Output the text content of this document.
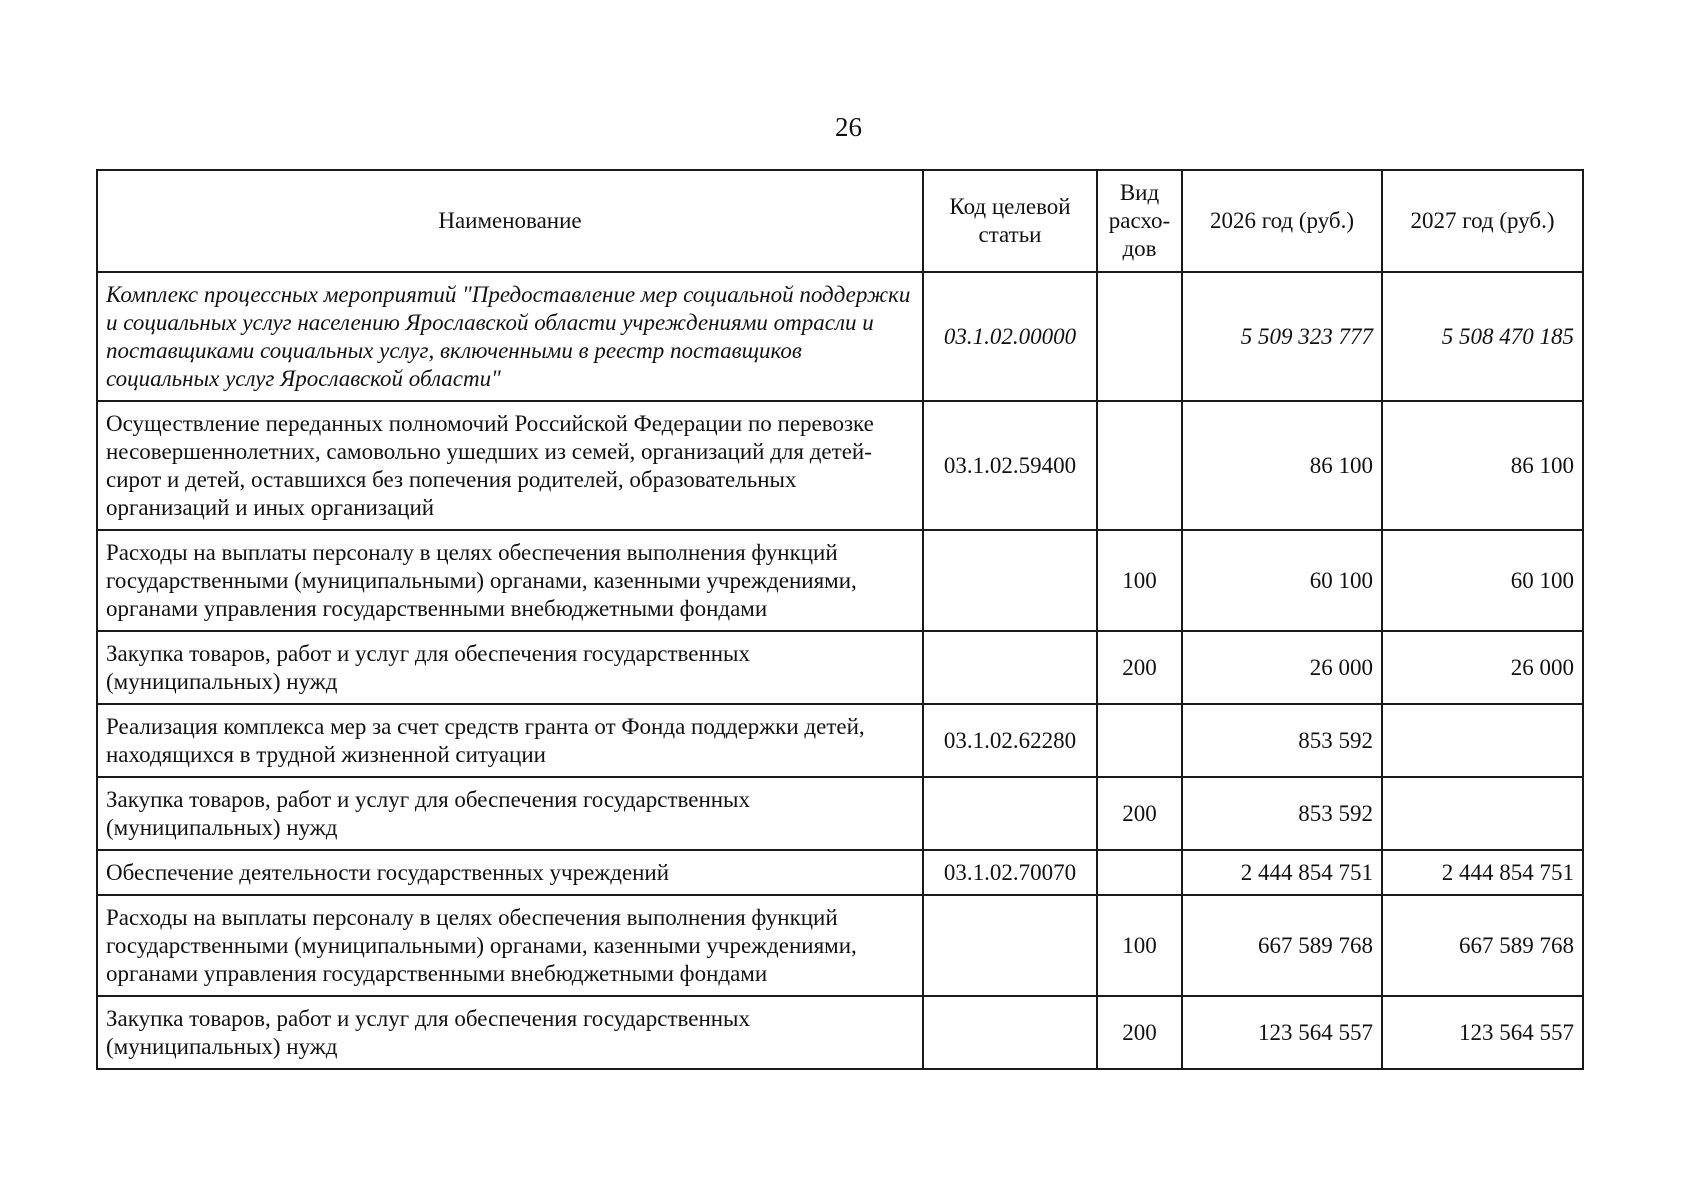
26
Наименование	Код целевой статьи	Вид расхо-дов	2026 год (руб.)	2027 год (руб.)
Комплекс процессных мероприятий "Предоставление мер социальной поддержки и социальных услуг населению Ярославской области учреждениями отрасли и поставщиками социальных услуг, включенными в реестр поставщиков социальных услуг Ярославской области"	03.1.02.00000		5 509 323 777	5 508 470 185
Осуществление переданных полномочий Российской Федерации по перевозке несовершеннолетних, самовольно ушедших из семей, организаций для детей-сирот и детей, оставшихся без попечения родителей, образовательных организаций и иных организаций	03.1.02.59400		86 100	86 100
Расходы на выплаты персоналу в целях обеспечения выполнения функций государственными (муниципальными) органами, казенными учреждениями, органами управления государственными внебюджетными фондами		100	60 100	60 100
Закупка товаров, работ и услуг для обеспечения государственных (муниципальных) нужд		200	26 000	26 000
Реализация комплекса мер за счет средств гранта от Фонда поддержки детей, находящихся в трудной жизненной ситуации	03.1.02.62280		853 592	
Закупка товаров, работ и услуг для обеспечения государственных (муниципальных) нужд		200	853 592	
Обеспечение деятельности государственных учреждений	03.1.02.70070		2 444 854 751	2 444 854 751
Расходы на выплаты персоналу в целях обеспечения выполнения функций государственными (муниципальными) органами, казенными учреждениями, органами управления государственными внебюджетными фондами		100	667 589 768	667 589 768
Закупка товаров, работ и услуг для обеспечения государственных (муниципальных) нужд		200	123 564 557	123 564 557
